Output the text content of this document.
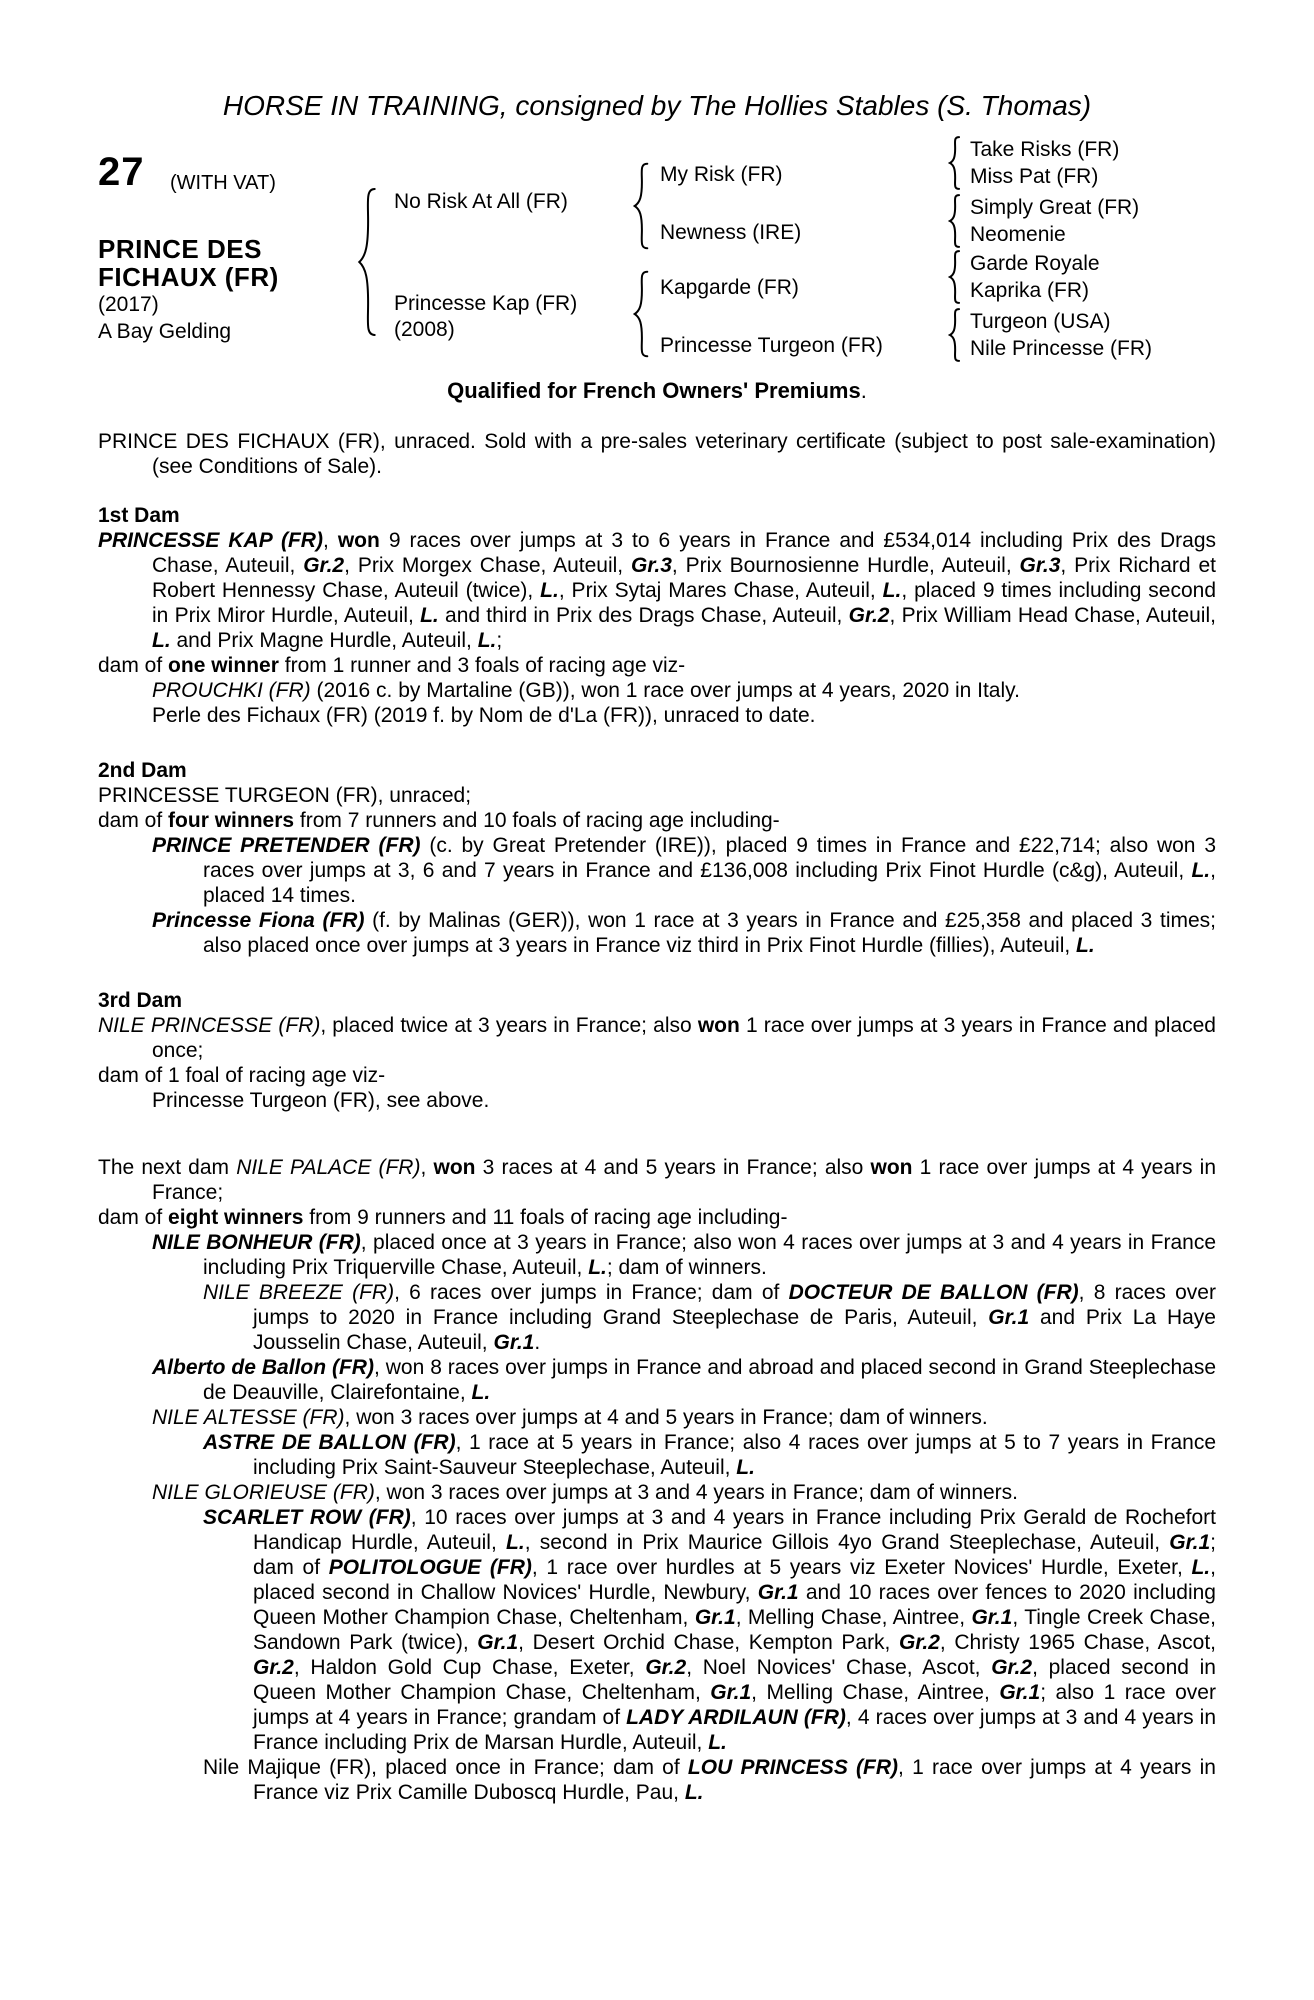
HORSE IN TRAINING, consigned by The Hollies Stables (S. Thomas)
27 (WITH VAT)
PRINCE DES
FICHAUX (FR)
(2017)
A Bay Gelding
No Risk At All (FR)
Princesse Kap (FR)
(2008)
My Risk (FR)
Newness (IRE)
Kapgarde (FR)
Princesse Turgeon (FR)
Take Risks (FR)
Miss Pat (FR)
Simply Great (FR)
Neomenie
Garde Royale
Kaprika (FR)
Turgeon (USA)
Nile Princesse (FR)
Qualified for French Owners' Premiums.
PRINCE DES FICHAUX (FR), unraced. Sold with a pre-sales veterinary certificate (subject to post sale-examination) (see Conditions of Sale).
1st Dam
PRINCESSE KAP (FR), won 9 races over jumps at 3 to 6 years in France and £534,014 including Prix des Drags Chase, Auteuil, Gr.2, Prix Morgex Chase, Auteuil, Gr.3, Prix Bournosienne Hurdle, Auteuil, Gr.3, Prix Richard et Robert Hennessy Chase, Auteuil (twice), L., Prix Sytaj Mares Chase, Auteuil, L., placed 9 times including second in Prix Miror Hurdle, Auteuil, L. and third in Prix des Drags Chase, Auteuil, Gr.2, Prix William Head Chase, Auteuil, L. and Prix Magne Hurdle, Auteuil, L.;
dam of one winner from 1 runner and 3 foals of racing age viz-
PROUCHKI (FR) (2016 c. by Martaline (GB)), won 1 race over jumps at 4 years, 2020 in Italy.
Perle des Fichaux (FR) (2019 f. by Nom de d'La (FR)), unraced to date.
2nd Dam
PRINCESSE TURGEON (FR), unraced;
dam of four winners from 7 runners and 10 foals of racing age including-
PRINCE PRETENDER (FR) (c. by Great Pretender (IRE)), placed 9 times in France and £22,714; also won 3 races over jumps at 3, 6 and 7 years in France and £136,008 including Prix Finot Hurdle (c&g), Auteuil, L., placed 14 times.
Princesse Fiona (FR) (f. by Malinas (GER)), won 1 race at 3 years in France and £25,358 and placed 3 times; also placed once over jumps at 3 years in France viz third in Prix Finot Hurdle (fillies), Auteuil, L.
3rd Dam
NILE PRINCESSE (FR), placed twice at 3 years in France; also won 1 race over jumps at 3 years in France and placed once;
dam of 1 foal of racing age viz-
Princesse Turgeon (FR), see above.
The next dam NILE PALACE (FR), won 3 races at 4 and 5 years in France; also won 1 race over jumps at 4 years in France;
dam of eight winners from 9 runners and 11 foals of racing age including-
NILE BONHEUR (FR), placed once at 3 years in France; also won 4 races over jumps at 3 and 4 years in France including Prix Triquerville Chase, Auteuil, L.; dam of winners.
NILE BREEZE (FR), 6 races over jumps in France; dam of DOCTEUR DE BALLON (FR), 8 races over jumps to 2020 in France including Grand Steeplechase de Paris, Auteuil, Gr.1 and Prix La Haye Jousselin Chase, Auteuil, Gr.1.
Alberto de Ballon (FR), won 8 races over jumps in France and abroad and placed second in Grand Steeplechase de Deauville, Clairefontaine, L.
NILE ALTESSE (FR), won 3 races over jumps at 4 and 5 years in France; dam of winners.
ASTRE DE BALLON (FR), 1 race at 5 years in France; also 4 races over jumps at 5 to 7 years in France including Prix Saint-Sauveur Steeplechase, Auteuil, L.
NILE GLORIEUSE (FR), won 3 races over jumps at 3 and 4 years in France; dam of winners.
SCARLET ROW (FR), 10 races over jumps at 3 and 4 years in France including Prix Gerald de Rochefort Handicap Hurdle, Auteuil, L., second in Prix Maurice Gillois 4yo Grand Steeplechase, Auteuil, Gr.1; dam of POLITOLOGUE (FR), 1 race over hurdles at 5 years viz Exeter Novices' Hurdle, Exeter, L., placed second in Challow Novices' Hurdle, Newbury, Gr.1 and 10 races over fences to 2020 including Queen Mother Champion Chase, Cheltenham, Gr.1, Melling Chase, Aintree, Gr.1, Tingle Creek Chase, Sandown Park (twice), Gr.1, Desert Orchid Chase, Kempton Park, Gr.2, Christy 1965 Chase, Ascot, Gr.2, Haldon Gold Cup Chase, Exeter, Gr.2, Noel Novices' Chase, Ascot, Gr.2, placed second in Queen Mother Champion Chase, Cheltenham, Gr.1, Melling Chase, Aintree, Gr.1; also 1 race over jumps at 4 years in France; grandam of LADY ARDILAUN (FR), 4 races over jumps at 3 and 4 years in France including Prix de Marsan Hurdle, Auteuil, L.
Nile Majique (FR), placed once in France; dam of LOU PRINCESS (FR), 1 race over jumps at 4 years in France viz Prix Camille Duboscq Hurdle, Pau, L.
